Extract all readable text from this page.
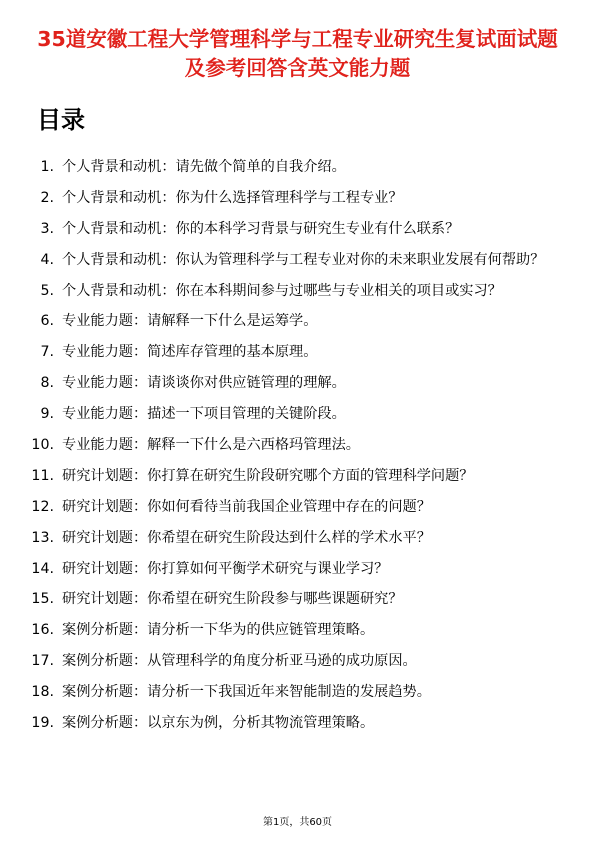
35道安徽工程大学管理科学与工程专业研究生复试面试题及参考回答含英文能力题
目录
1. 个人背景和动机：请先做个简单的自我介绍。
2. 个人背景和动机：你为什么选择管理科学与工程专业？
3. 个人背景和动机：你的本科学习背景与研究生专业有什么联系？
4. 个人背景和动机：你认为管理科学与工程专业对你的未来职业发展有何帮助？
5. 个人背景和动机：你在本科期间参与过哪些与专业相关的项目或实习？
6. 专业能力题：请解释一下什么是运筹学。
7. 专业能力题：简述库存管理的基本原理。
8. 专业能力题：请谈谈你对供应链管理的理解。
9. 专业能力题：描述一下项目管理的关键阶段。
10. 专业能力题：解释一下什么是六西格玛管理法。
11. 研究计划题：你打算在研究生阶段研究哪个方面的管理科学问题？
12. 研究计划题：你如何看待当前我国企业管理中存在的问题？
13. 研究计划题：你希望在研究生阶段达到什么样的学术水平？
14. 研究计划题：你打算如何平衡学术研究与课业学习？
15. 研究计划题：你希望在研究生阶段参与哪些课题研究？
16. 案例分析题：请分析一下华为的供应链管理策略。
17. 案例分析题：从管理科学的角度分析亚马逊的成功原因。
18. 案例分析题：请分析一下我国近年来智能制造的发展趋势。
19. 案例分析题：以京东为例，分析其物流管理策略。
第1页，共60页
